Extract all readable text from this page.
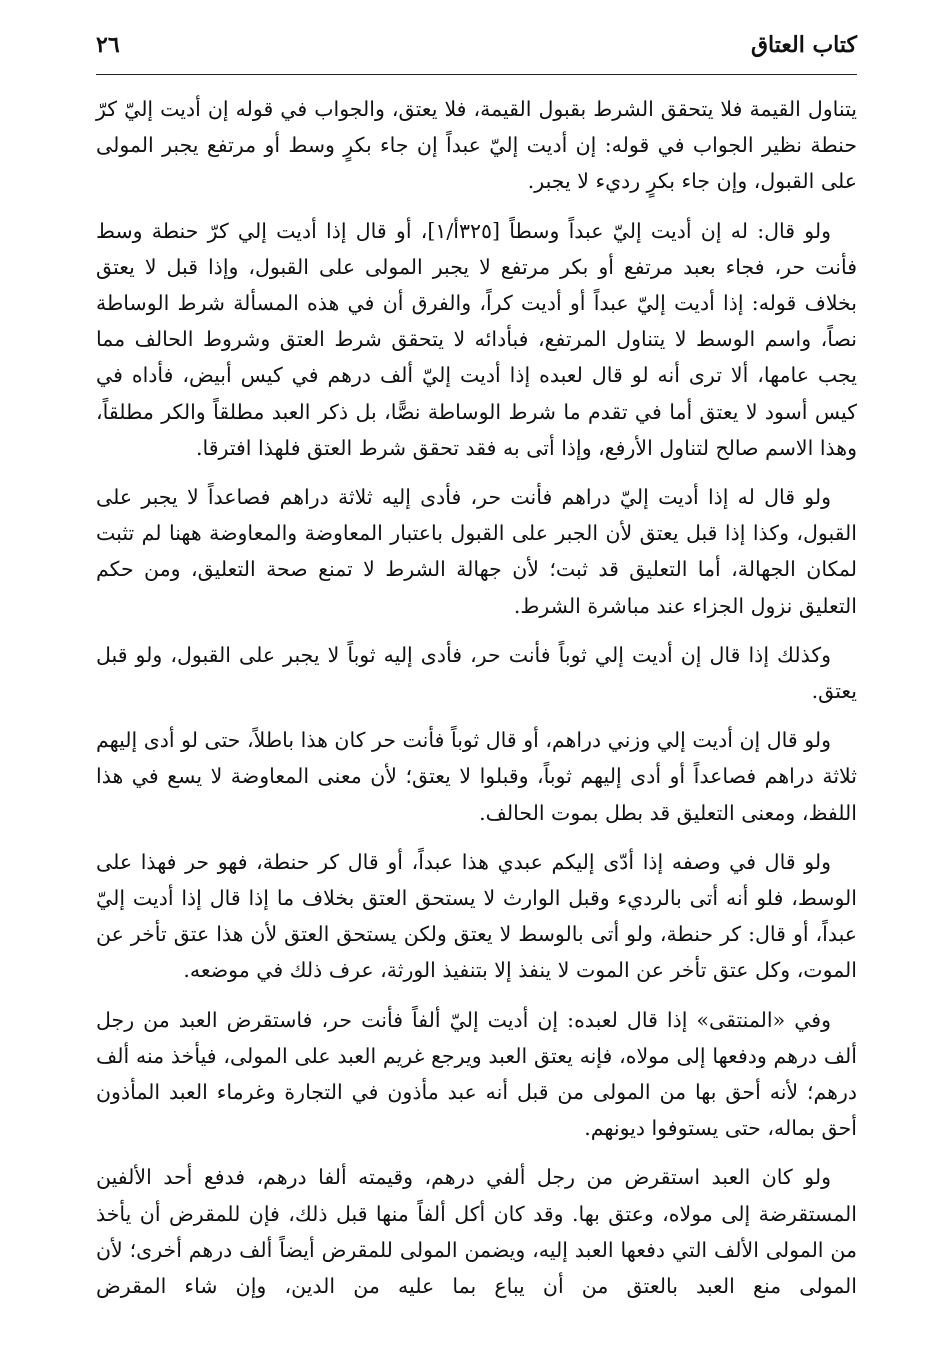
كتاب العتاق
٢٦

يتناول القيمة فلا يتحقق الشرط بقبول القيمة، فلا يعتق، والجواب في قوله إن أديت إليّ كرّ حنطة نظير الجواب في قوله: إن أديت إليّ عبداً إن جاء بكرٍ وسط أو مرتفع يجبر المولى على القبول، وإن جاء بكرٍ رديء لا يجبر.

ولو قال: له إن أديت إليّ عبداً وسطاً [٣٢٥أ/١]، أو قال إذا أديت إلي كرّ حنطة وسط فأنت حر، فجاء بعبد مرتفع أو بكر مرتفع لا يجبر المولى على القبول، وإذا قبل لا يعتق بخلاف قوله: إذا أديت إليّ عبداً أو أديت كراً، والفرق أن في هذه المسألة شرط الوساطة نصاً، واسم الوسط لا يتناول المرتفع، فبأدائه لا يتحقق شرط العتق وشروط الحالف مما يجب عامها، ألا ترى أنه لو قال لعبده إذا أديت إليّ ألف درهم في كيس أبيض، فأداه في كيس أسود لا يعتق أما في تقدم ما شرط الوساطة نصًّا، بل ذكر العبد مطلقاً والكر مطلقاً، وهذا الاسم صالح لتناول الأرفع، وإذا أتى به فقد تحقق شرط العتق فلهذا افترقا.

ولو قال له إذا أديت إليّ دراهم فأنت حر، فأدى إليه ثلاثة دراهم فصاعداً لا يجبر على القبول، وكذا إذا قبل يعتق لأن الجبر على القبول باعتبار المعاوضة والمعاوضة ههنا لم تثبت لمكان الجهالة، أما التعليق قد ثبت؛ لأن جهالة الشرط لا تمنع صحة التعليق، ومن حكم التعليق نزول الجزاء عند مباشرة الشرط.

وكذلك إذا قال إن أديت إلي ثوباً فأنت حر، فأدى إليه ثوباً لا يجبر على القبول، ولو قبل يعتق.

ولو قال إن أديت إلي وزني دراهم، أو قال ثوباً فأنت حر كان هذا باطلاً، حتى لو أدى إليهم ثلاثة دراهم فصاعداً أو أدى إليهم ثوباً، وقبلوا لا يعتق؛ لأن معنى المعاوضة لا يسع في هذا اللفظ، ومعنى التعليق قد بطل بموت الحالف.

ولو قال في وصفه إذا أدّى إليكم عبدي هذا عبداً، أو قال كر حنطة، فهو حر فهذا على الوسط، فلو أنه أتى بالرديء وقبل الوارث لا يستحق العتق بخلاف ما إذا قال إذا أديت إليّ عبداً، أو قال: كر حنطة، ولو أتى بالوسط لا يعتق ولكن يستحق العتق لأن هذا عتق تأخر عن الموت، وكل عتق تأخر عن الموت لا ينفذ إلا بتنفيذ الورثة، عرف ذلك في موضعه.

وفي «المنتقى» إذا قال لعبده: إن أديت إليّ ألفاً فأنت حر، فاستقرض العبد من رجل ألف درهم ودفعها إلى مولاه، فإنه يعتق العبد ويرجع غريم العبد على المولى، فيأخذ منه ألف درهم؛ لأنه أحق بها من المولى من قبل أنه عبد مأذون في التجارة وغرماء العبد المأذون أحق بماله، حتى يستوفوا ديونهم.

ولو كان العبد استقرض من رجل ألفي درهم، وقيمته ألفا درهم، فدفع أحد الألفين المستقرضة إلى مولاه، وعتق بها. وقد كان أكل ألفاً منها قبل ذلك، فإن للمقرض أن يأخذ من المولى الألف التي دفعها العبد إليه، ويضمن المولى للمقرض أيضاً ألف درهم أخرى؛ لأن المولى منع العبد بالعتق من أن يباع بما عليه من الدين، وإن شاء المقرض
